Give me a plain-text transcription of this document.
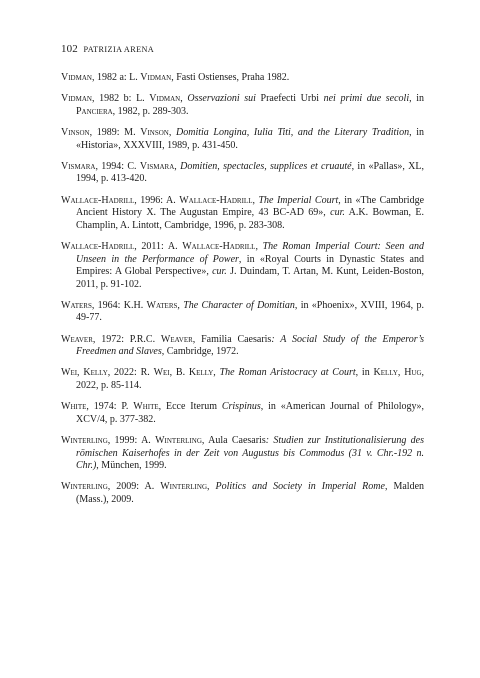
102 PATRIZIA ARENA
Vidman, 1982 a: L. Vidman, Fasti Ostienses, Praha 1982.
Vidman, 1982 b: L. Vidman, Osservazioni sui Praefecti Urbi nei primi due secoli, in Panciera, 1982, p. 289-303.
Vinson, 1989: M. Vinson, Domitia Longina, Iulia Titi, and the Literary Tradition, in «Historia», XXXVIII, 1989, p. 431-450.
Vismara, 1994: C. Vismara, Domitien, spectacles, supplices et cruauté, in «Pallas», XL, 1994, p. 413-420.
Wallace-Hadrill, 1996: A. Wallace-Hadrill, The Imperial Court, in «The Cambridge Ancient History X. The Augustan Empire, 43 BC-AD 69», cur. A.K. Bowman, E. Champlin, A. Lintott, Cambridge, 1996, p. 283-308.
Wallace-Hadrill, 2011: A. Wallace-Hadrill, The Roman Imperial Court: Seen and Unseen in the Performance of Power, in «Royal Courts in Dynastic States and Empires: A Global Perspective», cur. J. Duindam, T. Artan, M. Kunt, Leiden-Boston, 2011, p. 91-102.
Waters, 1964: K.H. Waters, The Character of Domitian, in «Phoenix», XVIII, 1964, p. 49-77.
Weaver, 1972: P.R.C. Weaver, Familia Caesaris: A Social Study of the Emperor’s Freedmen and Slaves, Cambridge, 1972.
Wei, Kelly, 2022: R. Wei, B. Kelly, The Roman Aristocracy at Court, in Kelly, Hug, 2022, p. 85-114.
White, 1974: P. White, Ecce Iterum Crispinus, in «American Journal of Philology», XCV/4, p. 377-382.
Winterling, 1999: A. Winterling, Aula Caesaris: Studien zur Institutionalisierung des römischen Kaiserhofes in der Zeit von Augustus bis Commodus (31 v. Chr.-192 n. Chr.), München, 1999.
Winterling, 2009: A. Winterling, Politics and Society in Imperial Rome, Malden (Mass.), 2009.
